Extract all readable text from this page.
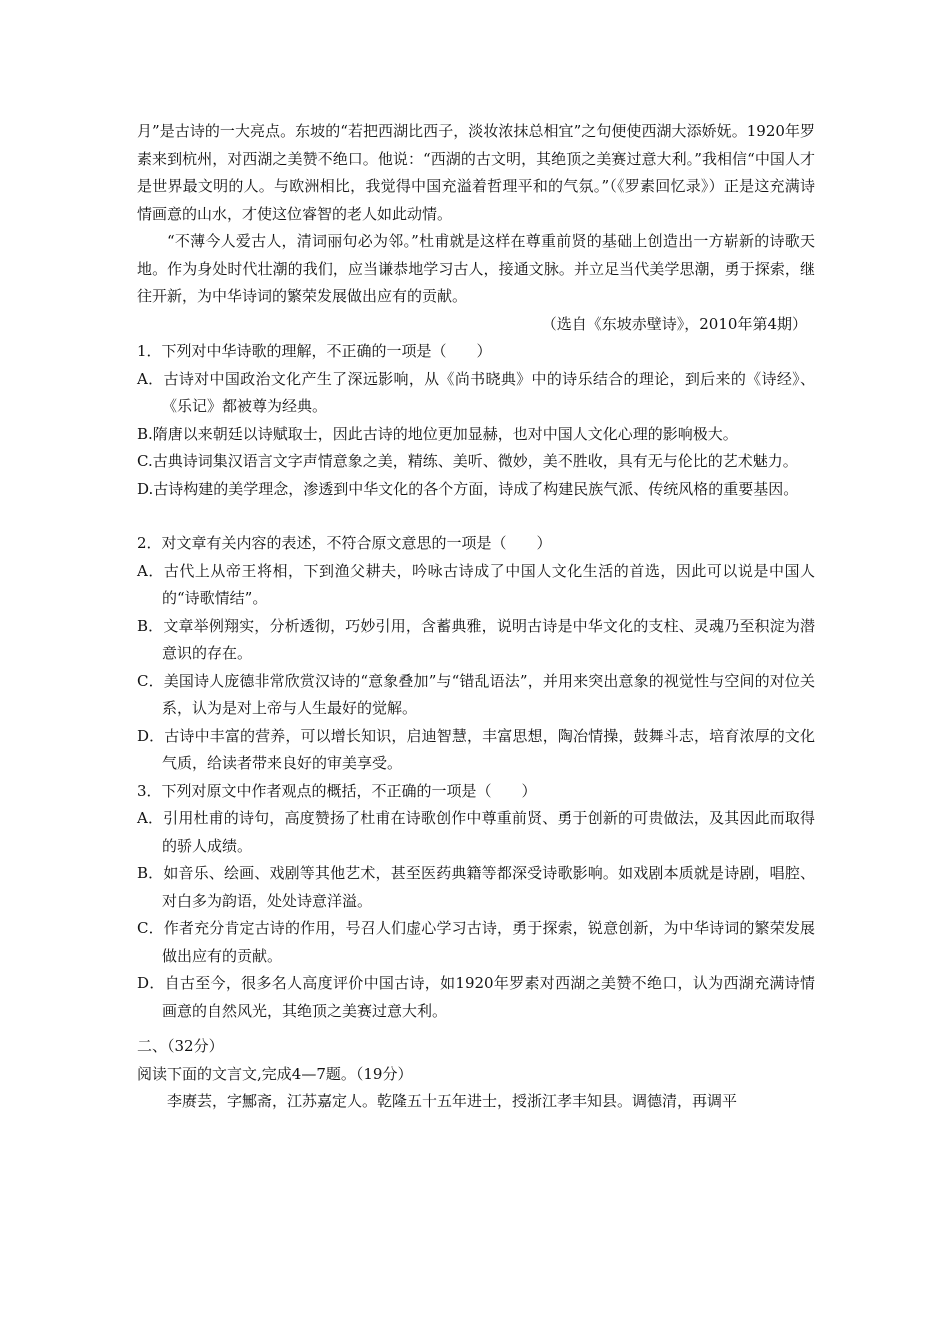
月”是古诗的一大亮点。东坡的“若把西湖比西子，淡妆浓抹总相宜”之句便使西湖大添娇妩。1920年罗素来到杭州，对西湖之美赞不绝口。他说：“西湖的古文明，其绝顶之美赛过意大利。”我相信“中国人才是世界最文明的人。与欧洲相比，我觉得中国充溢着哲理平和的气氛。”（《罗素回忆录》）正是这充满诗情画意的山水，才使这位睿智的老人如此动情。

“不薄今人爱古人，清词丽句必为邻。”杜甫就是这样在尊重前贤的基础上创造出一方崭新的诗歌天地。作为身处时代壮潮的我们，应当谦恭地学习古人，接通文脉。并立足当代美学思潮，勇于探索，继往开新，为中华诗词的繁荣发展做出应有的贡献。

（选自《东坡赤壁诗》，2010年第4期）

1．下列对中华诗歌的理解，不正确的一项是（　　）

A．古诗对中国政治文化产生了深远影响，从《尚书晓典》中的诗乐结合的理论，到后来的《诗经》、《乐记》都被尊为经典。

B.隋唐以来朝廷以诗赋取士，因此古诗的地位更加显赫，也对中国人文化心理的影响极大。

C.古典诗词集汉语言文字声情意象之美，精练、美听、微妙，美不胜收，具有无与伦比的艺术魅力。

D.古诗构建的美学理念，渗透到中华文化的各个方面，诗成了构建民族气派、传统风格的重要基因。

2．对文章有关内容的表述，不符合原文意思的一项是（　　）

A．古代上从帝王将相，下到渔父耕夫，吟咏古诗成了中国人文化生活的首选，因此可以说是中国人的“诗歌情结”。

B．文章举例翔实，分析透彻，巧妙引用，含蓄典雅，说明古诗是中华文化的支柱、灵魂乃至积淀为潜意识的存在。

C．美国诗人庞德非常欣赏汉诗的“意象叠加”与“错乱语法”，并用来突出意象的视觉性与空间的对位关系，认为是对上帝与人生最好的觉解。

D．古诗中丰富的营养，可以增长知识，启迪智慧，丰富思想，陶冶情操，鼓舞斗志，培育浓厚的文化气质，给读者带来良好的审美享受。

3．下列对原文中作者观点的概括，不正确的一项是（　　）

A．引用杜甫的诗句，高度赞扬了杜甫在诗歌创作中尊重前贤、勇于创新的可贵做法，及其因此而取得的骄人成绩。

B．如音乐、绘画、戏剧等其他艺术，甚至医药典籍等都深受诗歌影响。如戏剧本质就是诗剧，唱腔、对白多为韵语，处处诗意洋溢。

C．作者充分肯定古诗的作用，号召人们虚心学习古诗，勇于探索，锐意创新，为中华诗词的繁荣发展做出应有的贡献。

D．自古至今，很多名人高度评价中国古诗，如1920年罗素对西湖之美赞不绝口，认为西湖充满诗情画意的自然风光，其绝顶之美赛过意大利。

二、（32分）

阅读下面的文言文,完成4—7题。（19分）

李赓芸，字鄦斋，江苏嘉定人。乾隆五十五年进士，授浙江孝丰知县。调德清，再调平
